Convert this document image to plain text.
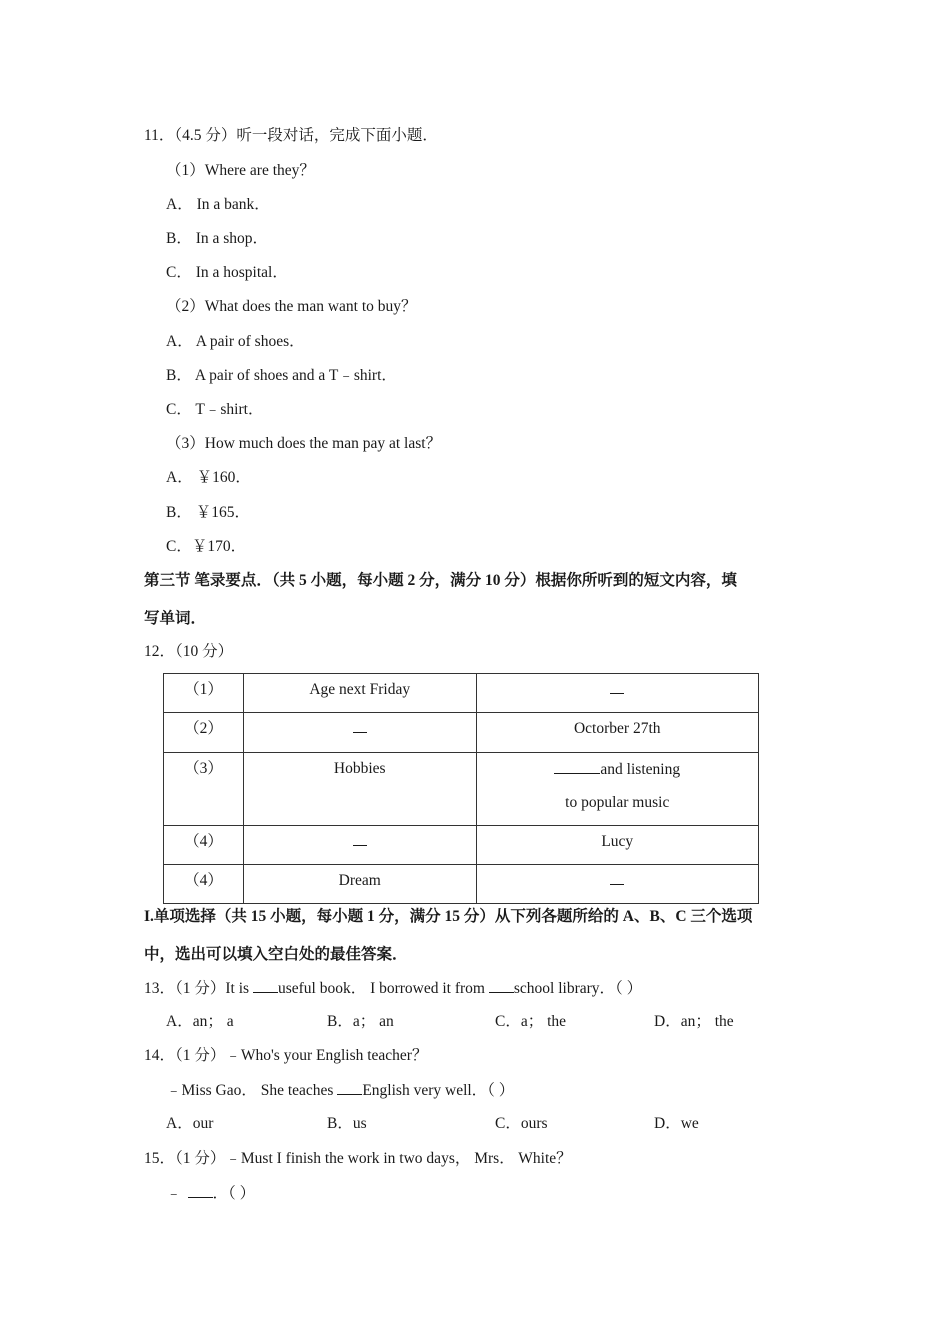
11．（4.5 分）听一段对话，完成下面小题．
（1）Where are they？
A． In a bank．
B． In a shop．
C． In a hospital．
（2）What does the man want to buy？
A． A pair of shoes．
B． A pair of shoes and a T﹣shirt．
C． T﹣shirt．
（3）How much does the man pay at last？
A． ￥160．
B． ￥165．
C．￥170．
第三节 笔录要点．（共 5 小题，每小题 2 分，满分 10 分）根据你所听到的短文内容，填
写单词．
12．（10 分）
（1）	Age next Friday	
（2）		Octorber 27th
（3）	Hobbies	and listening
to popular music

（4）		Lucy
（4）	Dream	
I.单项选择（共 15 小题，每小题 1 分，满分 15 分）从下列各题所给的 A、B、C 三个选项
中，选出可以填入空白处的最佳答案．
13．（1 分）It is useful book． I borrowed it from school library．（ ）
A．an； a	B．a； an	C．a； the	D．an； the
14．（1 分）﹣Who's your English teacher？
﹣Miss Gao． She teaches English very well．（ ）
A．our	B．us	C．ours	D．we
15．（1 分）﹣Must I finish the work in two days， Mrs． White？
﹣ ．（ ）
